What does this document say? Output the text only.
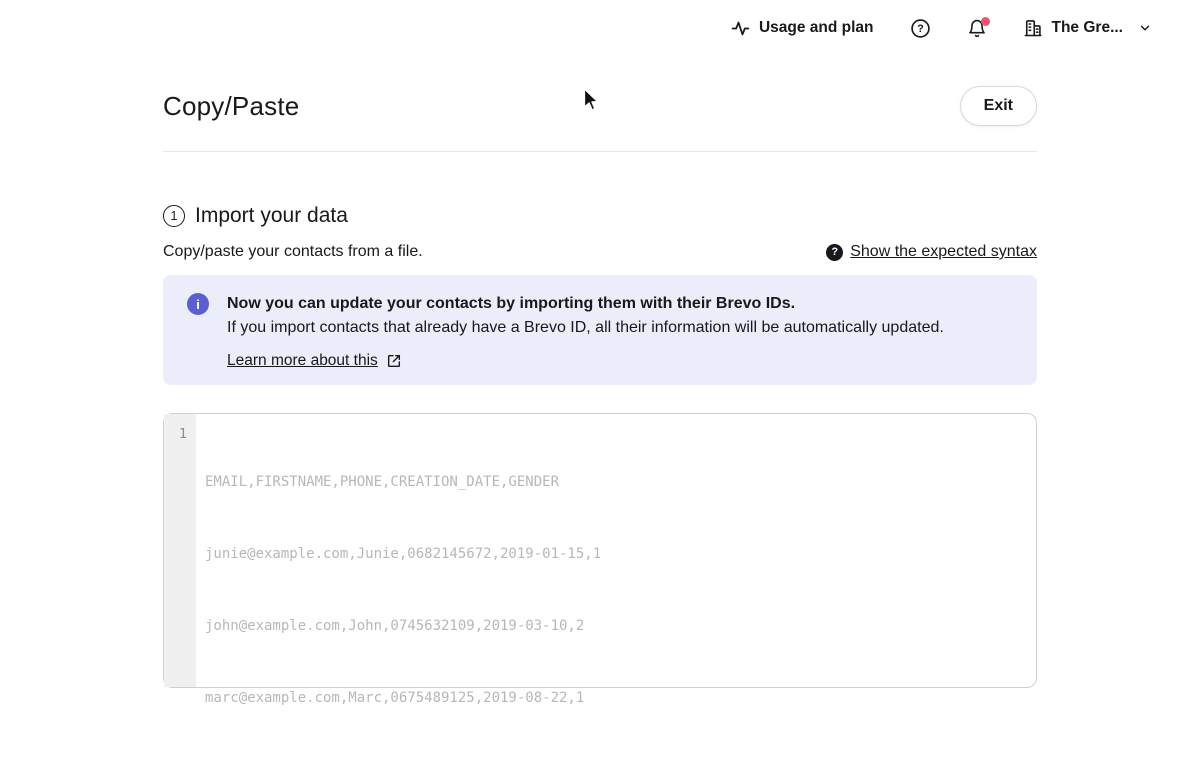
Usage and plan	?	The Gre...
Copy/Paste	Exit
1 Import your data
Copy/paste your contacts from a file.	? Show the expected syntax
i	Now you can update your contacts by importing them with their Brevo IDs.
If you import contacts that already have a Brevo ID, all their information will be automatically updated.
Learn more about this
1

EMAIL,FIRSTNAME,PHONE,CREATION_DATE,GENDER

junie@example.com,Junie,0682145672,2019-01-15,1

john@example.com,John,0745632109,2019-03-10,2

marc@example.com,Marc,0675489125,2019-08-22,1
